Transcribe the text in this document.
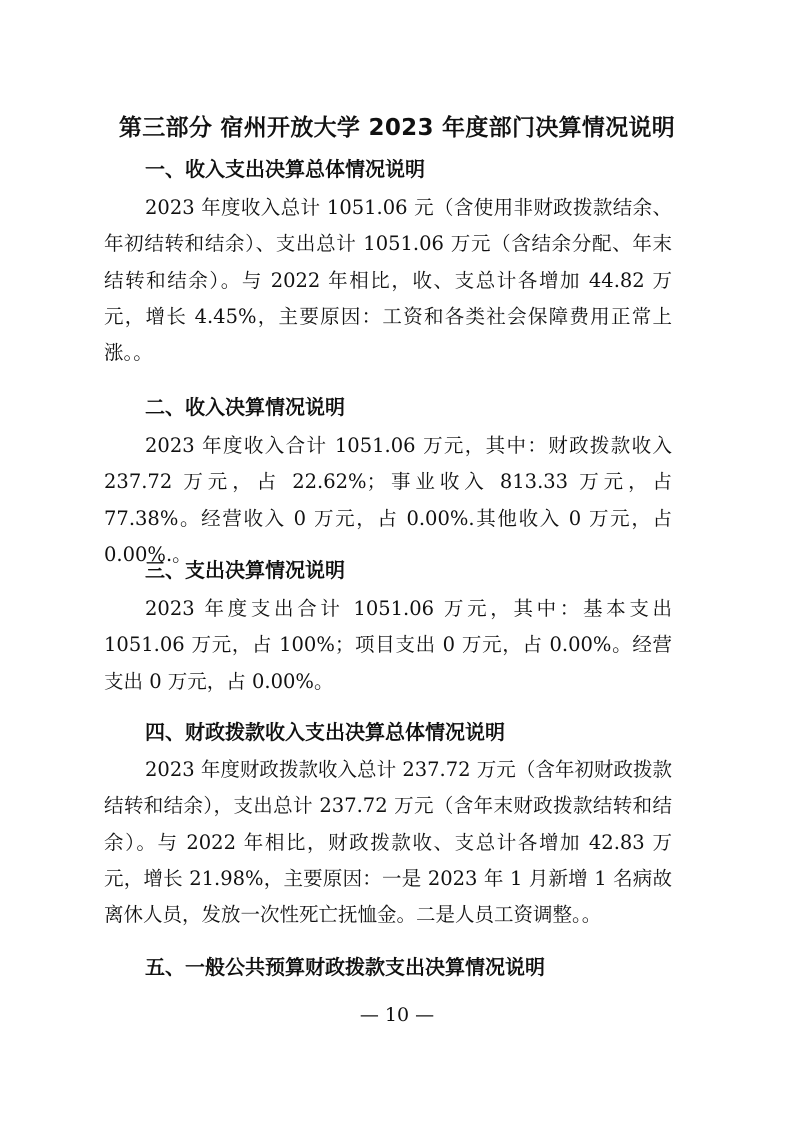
第三部分 宿州开放大学 2023 年度部门决算情况说明
一、收入支出决算总体情况说明

2023 年度收入总计 1051.06 元（含使用非财政拨款结余、年初结转和结余）、支出总计 1051.06 万元（含结余分配、年末结转和结余）。与 2022 年相比，收、支总计各增加 44.82 万元，增长 4.45%，主要原因：工资和各类社会保障费用正常上涨。。

二、收入决算情况说明

2023 年度收入合计 1051.06 万元，其中：财政拨款收入 237.72 万元，占 22.62%；事业收入 813.33 万元，占 77.38%。经营收入 0 万元，占 0.00%.其他收入 0 万元，占 0.00%.。

三、支出决算情况说明

2023 年度支出合计 1051.06 万元，其中：基本支出 1051.06 万元，占 100%；项目支出 0 万元，占 0.00%。经营支出 0 万元，占 0.00%。

四、财政拨款收入支出决算总体情况说明

2023 年度财政拨款收入总计 237.72 万元（含年初财政拨款结转和结余），支出总计 237.72 万元（含年末财政拨款结转和结余）。与 2022 年相比，财政拨款收、支总计各增加 42.83 万元，增长 21.98%，主要原因：一是 2023 年 1 月新增 1 名病故离休人员，发放一次性死亡抚恤金。二是人员工资调整。。

五、一般公共预算财政拨款支出决算情况说明
— 10 —
